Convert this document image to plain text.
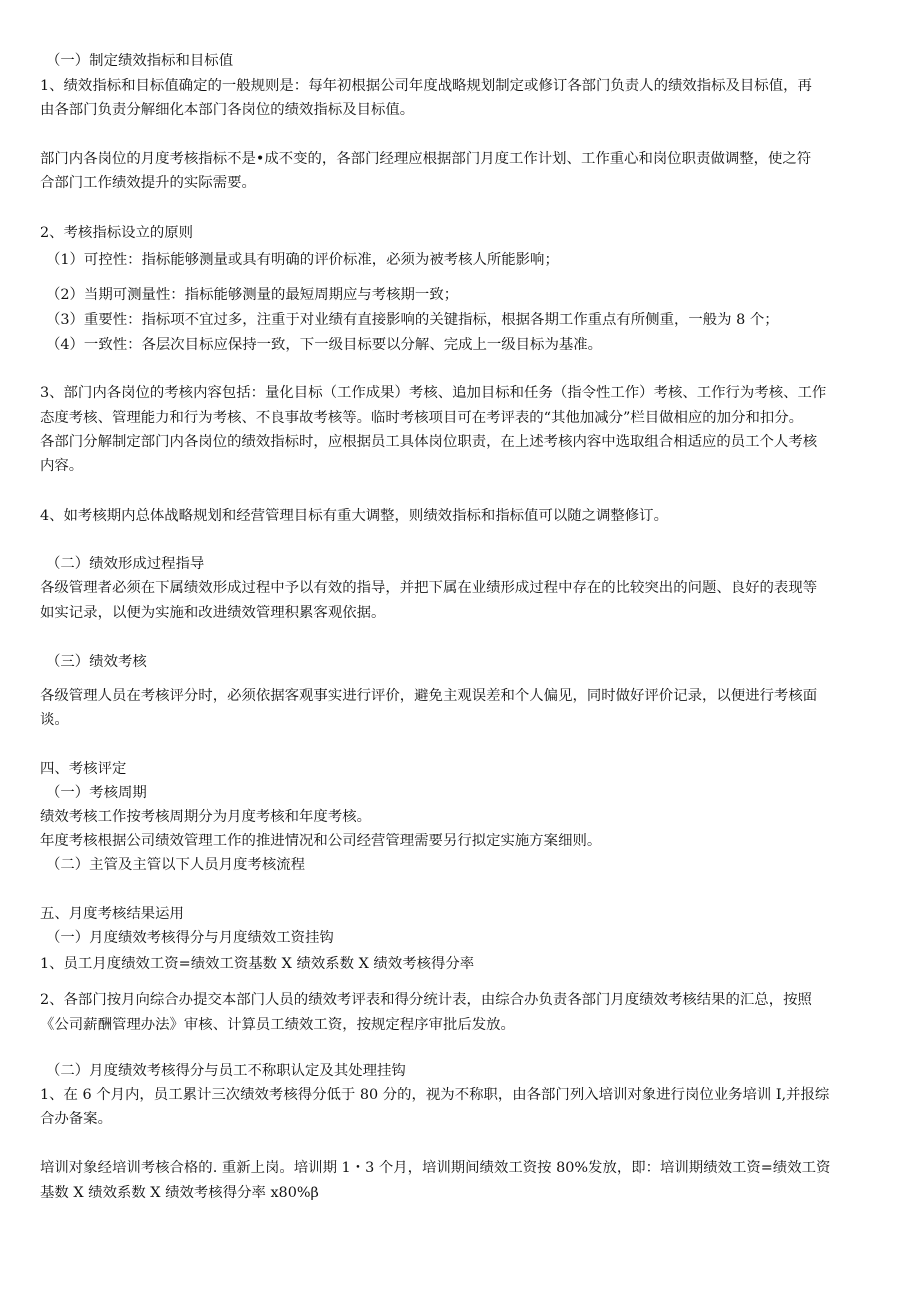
（一）制定绩效指标和目标值
1、绩效指标和目标值确定的一般规则是：每年初根据公司年度战略规划制定或修订各部门负责人的绩效指标及目标值，再
由各部门负责分解细化本部门各岗位的绩效指标及目标值。
部门内各岗位的月度考核指标不是•成不变的，各部门经理应根据部门月度工作计划、工作重心和岗位职责做调整，使之符
合部门工作绩效提升的实际需要。
2、考核指标设立的原则
（1）可控性：指标能够测量或具有明确的评价标准，必须为被考核人所能影响；
（2）当期可测量性：指标能够测量的最短周期应与考核期一致；
（3）重要性：指标项不宜过多，注重于对业绩有直接影响的关键指标，根据各期工作重点有所侧重，一般为 8 个；
（4）一致性：各层次目标应保持一致，下一级目标要以分解、完成上一级目标为基准。
3、部门内各岗位的考核内容包括：量化目标（工作成果）考核、追加目标和任务（指令性工作）考核、工作行为考核、工作
态度考核、管理能力和行为考核、不良事故考核等。临时考核项目可在考评表的“其他加减分”栏目做相应的加分和扣分。
各部门分解制定部门内各岗位的绩效指标时，应根据员工具体岗位职责，在上述考核内容中选取组合相适应的员工个人考核
内容。
4、如考核期内总体战略规划和经营管理目标有重大调整，则绩效指标和指标值可以随之调整修订。
（二）绩效形成过程指导
各级管理者必须在下属绩效形成过程中予以有效的指导，并把下属在业绩形成过程中存在的比较突出的问题、良好的表现等
如实记录，以便为实施和改进绩效管理积累客观依据。
（三）绩效考核
各级管理人员在考核评分时，必须依据客观事实进行评价，避免主观误差和个人偏见，同时做好评价记录，以便进行考核面
谈。
四、考核评定
（一）考核周期
绩效考核工作按考核周期分为月度考核和年度考核。
年度考核根据公司绩效管理工作的推进情况和公司经营管理需要另行拟定实施方案细则。
（二）主管及主管以下人员月度考核流程
五、月度考核结果运用
（一）月度绩效考核得分与月度绩效工资挂钩
1、员工月度绩效工资=绩效工资基数 X 绩效系数 X 绩效考核得分率
2、各部门按月向综合办提交本部门人员的绩效考评表和得分统计表，由综合办负责各部门月度绩效考核结果的汇总，按照
《公司薪酬管理办法》审核、计算员工绩效工资，按规定程序审批后发放。
（二）月度绩效考核得分与员工不称职认定及其处理挂钩
1、在 6 个月内，员工累计三次绩效考核得分低于 80 分的，视为不称职，由各部门列入培训对象进行岗位业务培训 I,并报综
合办备案。
培训对象经培训考核合格的. 重新上岗。培训期 1・3 个月，培训期间绩效工资按 80%发放，即：培训期绩效工资=绩效工资
基数 X 绩效系数 X 绩效考核得分率 x80%β
